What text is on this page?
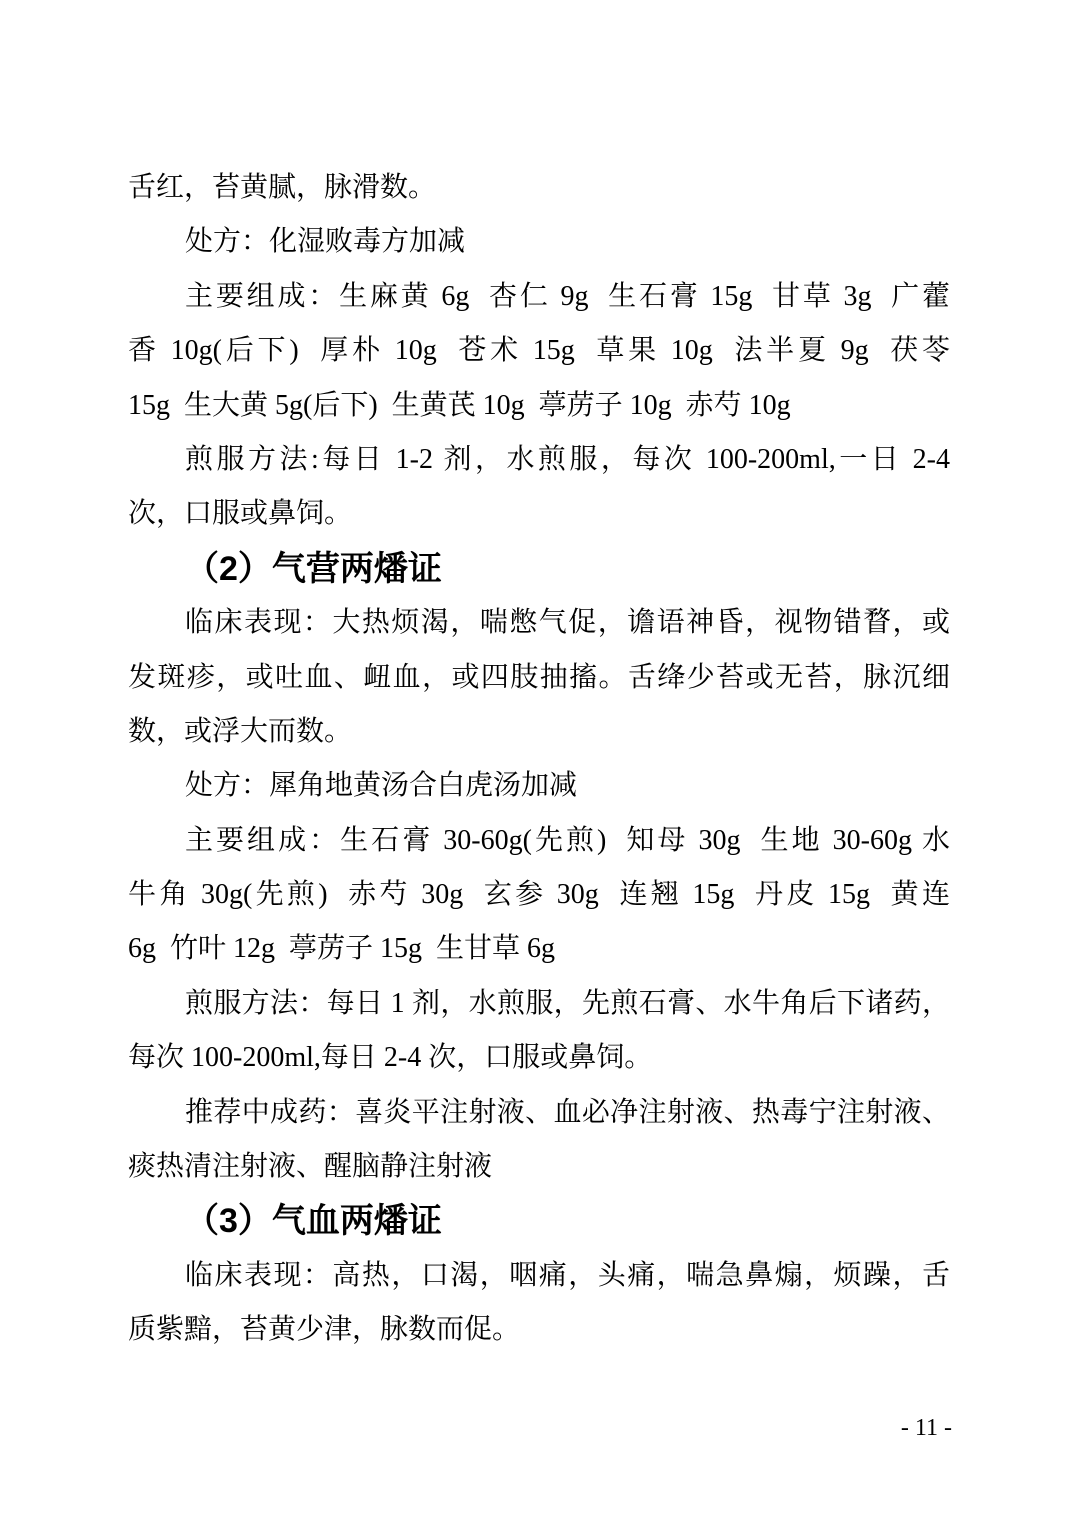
舌红，苔黄腻，脉滑数。
处方：化湿败毒方加减
主要组成：生麻黄 6g  杏仁 9g  生石膏 15g  甘草 3g  广藿
香 10g(后下)  厚朴 10g  苍术 15g  草果 10g  法半夏 9g  茯苓
15g  生大黄 5g(后下)  生黄芪 10g  葶苈子 10g  赤芍 10g
煎服方法:每日 1-2 剂，水煎服，每次 100-200ml,一日 2-4
次，口服或鼻饲。
（2）气营两燔证
临床表现：大热烦渴，喘憋气促，谵语神昏，视物错瞀，或
发斑疹，或吐血、衄血，或四肢抽搐。舌绛少苔或无苔，脉沉细
数，或浮大而数。
处方：犀角地黄汤合白虎汤加减
主要组成：生石膏 30-60g(先煎)  知母 30g  生地 30-60g 水
牛角 30g(先煎)  赤芍 30g  玄参 30g  连翘 15g  丹皮 15g  黄连
6g  竹叶 12g  葶苈子 15g  生甘草 6g
煎服方法：每日 1 剂，水煎服，先煎石膏、水牛角后下诸药，
每次 100-200ml,每日 2-4 次，口服或鼻饲。
推荐中成药：喜炎平注射液、血必净注射液、热毒宁注射液、
痰热清注射液、醒脑静注射液
（3）气血两燔证
临床表现：高热，口渴，咽痛，头痛，喘急鼻煽，烦躁，舌
质紫黯，苔黄少津，脉数而促。
- 11 -
